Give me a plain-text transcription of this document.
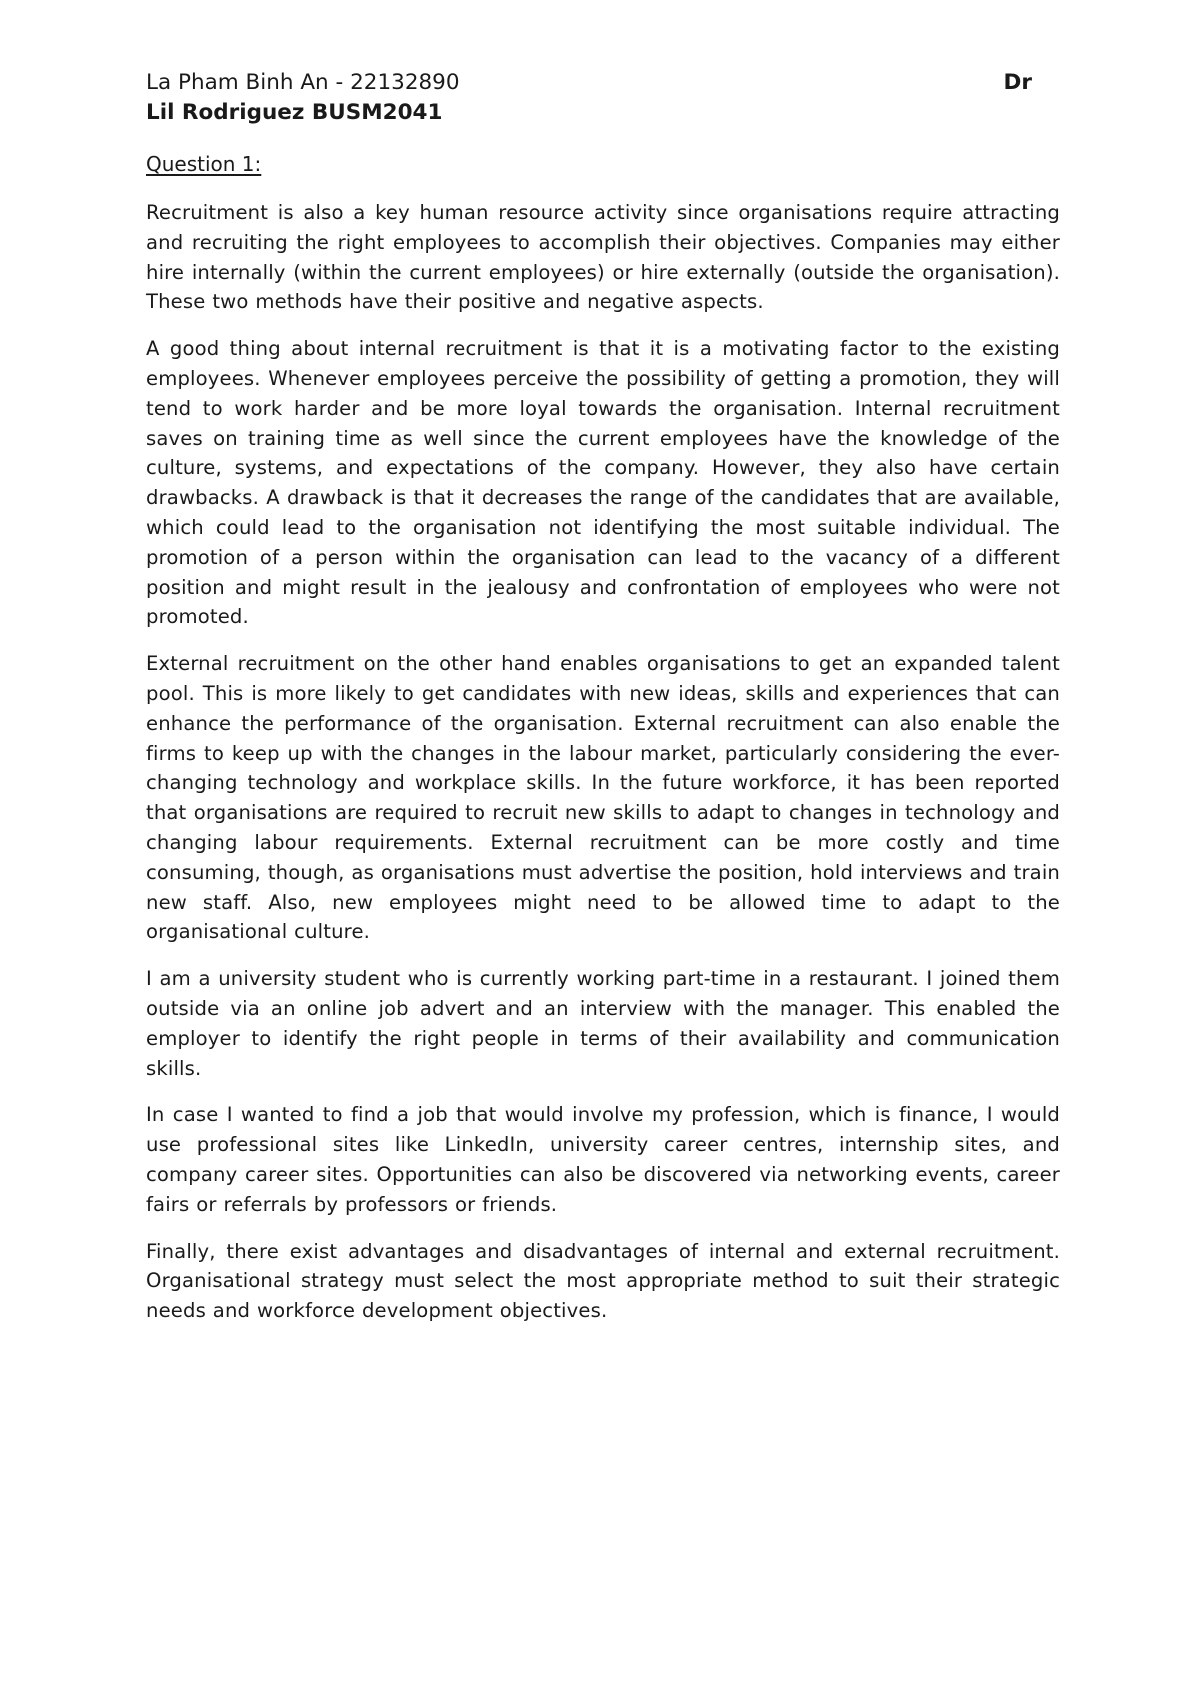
La Pham Binh An - 22132890	Dr
Lil Rodriguez BUSM2041
Question 1:

Recruitment is also a key human resource activity since organisations require attracting and recruiting the right employees to accomplish their objectives. Companies may either hire internally (within the current employees) or hire externally (outside the organisation). These two methods have their positive and negative aspects.

A good thing about internal recruitment is that it is a motivating factor to the existing employees. Whenever employees perceive the possibility of getting a promotion, they will tend to work harder and be more loyal towards the organisation. Internal recruitment saves on training time as well since the current employees have the knowledge of the culture, systems, and expectations of the company. However, they also have certain drawbacks. A drawback is that it decreases the range of the candidates that are available, which could lead to the organisation not identifying the most suitable individual. The promotion of a person within the organisation can lead to the vacancy of a different position and might result in the jealousy and confrontation of employees who were not promoted.

External recruitment on the other hand enables organisations to get an expanded talent pool. This is more likely to get candidates with new ideas, skills and experiences that can enhance the performance of the organisation. External recruitment can also enable the firms to keep up with the changes in the labour market, particularly considering the ever-changing technology and workplace skills. In the future workforce, it has been reported that organisations are required to recruit new skills to adapt to changes in technology and changing labour requirements. External recruitment can be more costly and time consuming, though, as organisations must advertise the position, hold interviews and train new staff. Also, new employees might need to be allowed time to adapt to the organisational culture.

I am a university student who is currently working part-time in a restaurant. I joined them outside via an online job advert and an interview with the manager. This enabled the employer to identify the right people in terms of their availability and communication skills.

In case I wanted to find a job that would involve my profession, which is finance, I would use professional sites like LinkedIn, university career centres, internship sites, and company career sites. Opportunities can also be discovered via networking events, career fairs or referrals by professors or friends.

Finally, there exist advantages and disadvantages of internal and external recruitment. Organisational strategy must select the most appropriate method to suit their strategic needs and workforce development objectives.
